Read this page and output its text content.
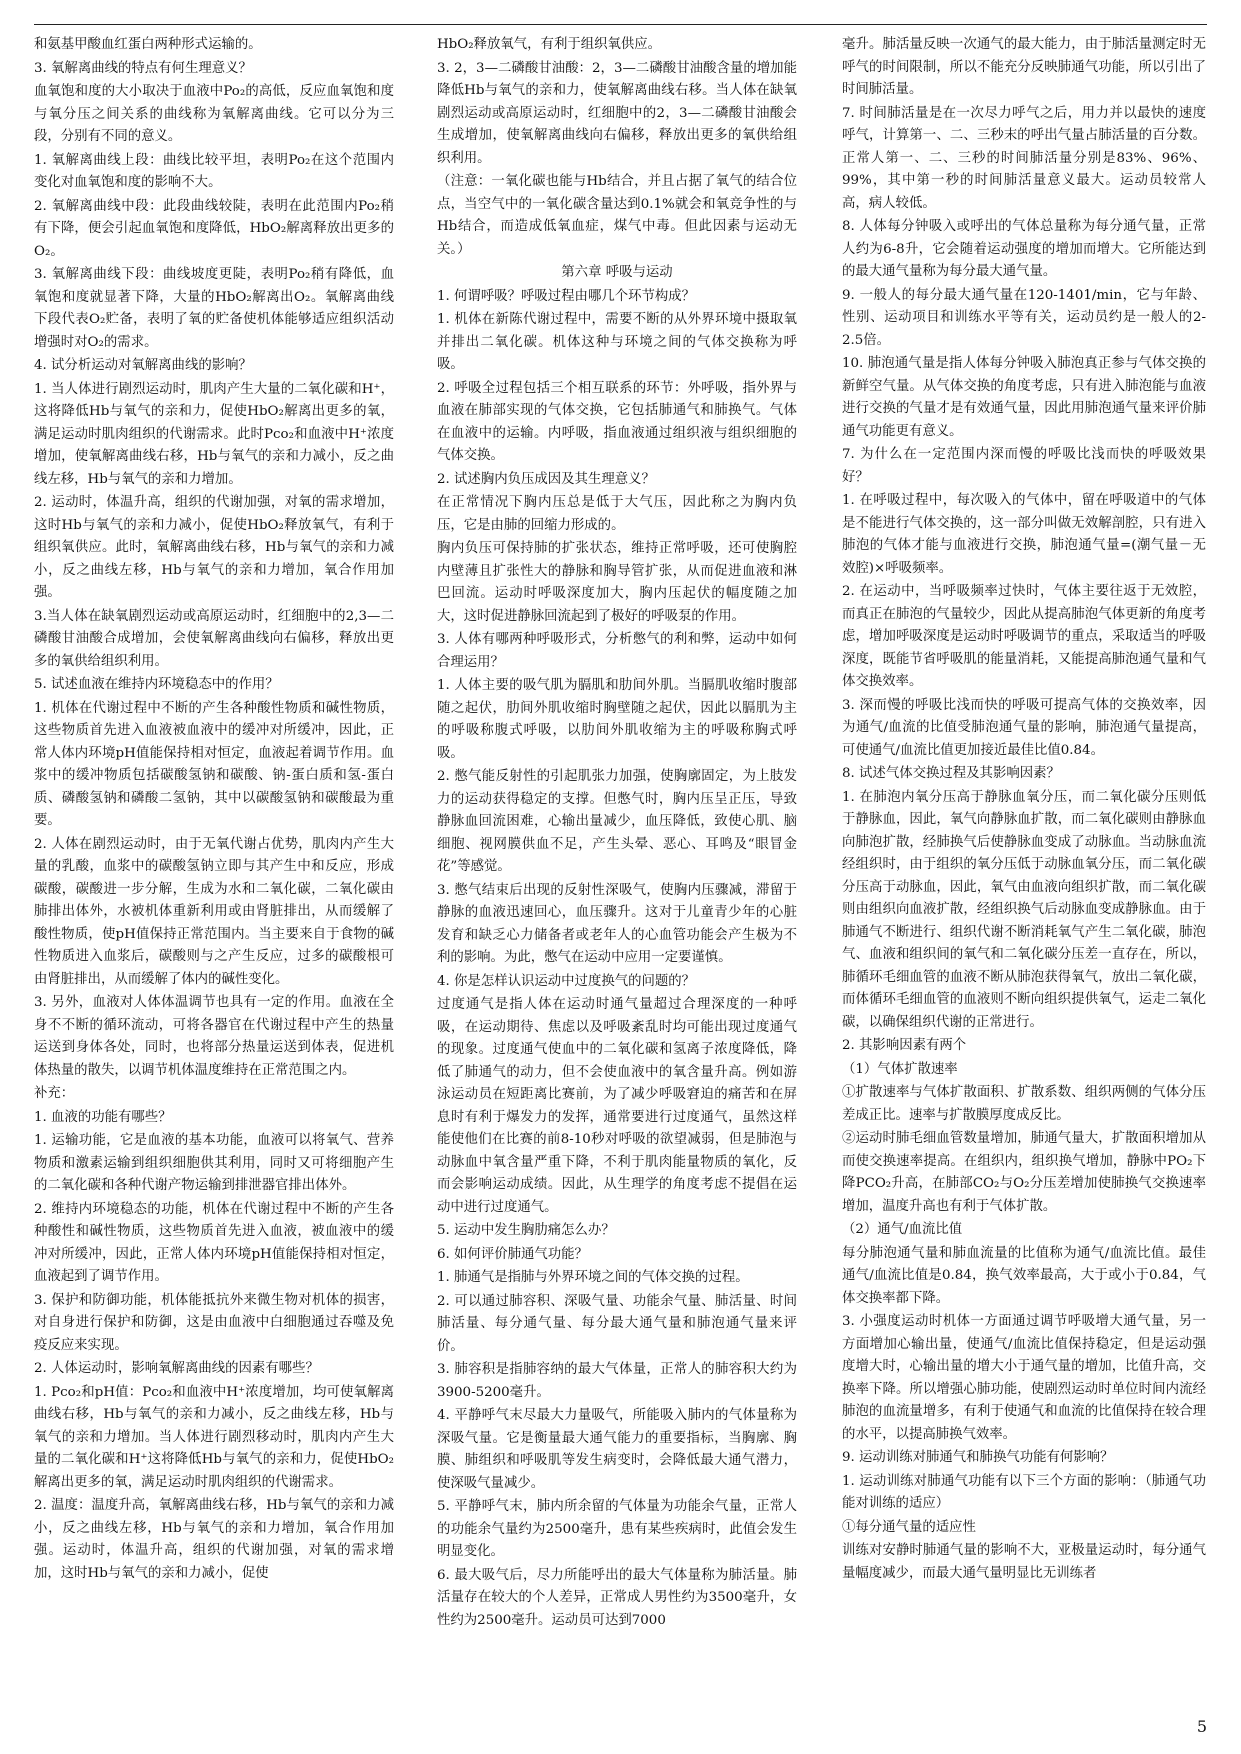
和氨基甲酸血红蛋白两种形式运输的。

3. 氧解离曲线的特点有何生理意义？

血氧饱和度的大小取决于血液中Po₂的高低，反应血氧饱和度与氧分压之间关系的曲线称为氧解离曲线。它可以分为三段，分别有不同的意义。

1. 氧解离曲线上段：曲线比较平坦，表明Po₂在这个范围内变化对血氧饱和度的影响不大。

2. 氧解离曲线中段：此段曲线较陡，表明在此范围内Po₂稍有下降，便会引起血氧饱和度降低，HbO₂解离释放出更多的O₂。

3. 氧解离曲线下段：曲线坡度更陡，表明Po₂稍有降低，血氧饱和度就显著下降，大量的HbO₂解离出O₂。氧解离曲线下段代表O₂贮备，表明了氧的贮备使机体能够适应组织活动增强时对O₂的需求。

4. 试分析运动对氧解离曲线的影响？

1. 当人体进行剧烈运动时，肌肉产生大量的二氧化碳和H⁺，这将降低Hb与氧气的亲和力，促使HbO₂解离出更多的氧，满足运动时肌肉组织的代谢需求。此时Pco₂和血液中H⁺浓度增加，使氧解离曲线右移，Hb与氧气的亲和力减小，反之曲线左移，Hb与氧气的亲和力增加。

2. 运动时，体温升高，组织的代谢加强，对氧的需求增加，这时Hb与氧气的亲和力减小，促使HbO₂释放氧气，有利于组织氧供应。此时，氧解离曲线右移，Hb与氧气的亲和力减小，反之曲线左移，Hb与氧气的亲和力增加，氧合作用加强。

3.当人体在缺氧剧烈运动或高原运动时，红细胞中的2,3—二磷酸甘油酸合成增加，会使氧解离曲线向右偏移，释放出更多的氧供给组织利用。

5. 试述血液在维持内环境稳态中的作用？

1. 机体在代谢过程中不断的产生各种酸性物质和碱性物质，这些物质首先进入血液被血液中的缓冲对所缓冲，因此，正常人体内环境pH值能保持相对恒定，血液起着调节作用。血浆中的缓冲物质包括碳酸氢钠和碳酸、钠-蛋白质和氢-蛋白质、磷酸氢钠和磷酸二氢钠，其中以碳酸氢钠和碳酸最为重要。

2. 人体在剧烈运动时，由于无氧代谢占优势，肌肉内产生大量的乳酸，血浆中的碳酸氢钠立即与其产生中和反应，形成碳酸，碳酸进一步分解，生成为水和二氧化碳，二氧化碳由肺排出体外，水被机体重新利用或由肾脏排出，从而缓解了酸性物质，使pH值保持正常范围内。当主要来自于食物的碱性物质进入血浆后，碳酸则与之产生反应，过多的碳酸根可由肾脏排出，从而缓解了体内的碱性变化。

3. 另外，血液对人体体温调节也具有一定的作用。血液在全身不不断的循环流动，可将各器官在代谢过程中产生的热量运送到身体各处，同时，也将部分热量运送到体表，促进机体热量的散失，以调节机体温度维持在正常范围之内。

补充：

1. 血液的功能有哪些？

1. 运输功能，它是血液的基本功能，血液可以将氧气、营养物质和激素运输到组织细胞供其利用，同时又可将细胞产生的二氧化碳和各种代谢产物运输到排泄器官排出体外。

2. 维持内环境稳态的功能，机体在代谢过程中不断的产生各种酸性和碱性物质，这些物质首先进入血液，被血液中的缓冲对所缓冲，因此，正常人体内环境pH值能保持相对恒定，血液起到了调节作用。

3. 保护和防御功能，机体能抵抗外来微生物对机体的损害，对自身进行保护和防御，这是由血液中白细胞通过吞噬及免疫反应来实现。

2. 人体运动时，影响氧解离曲线的因素有哪些？

1. Pco₂和pH值：Pco₂和血液中H⁺浓度增加，均可使氧解离曲线右移，Hb与氧气的亲和力减小，反之曲线左移，Hb与氧气的亲和力增加。当人体进行剧烈移动时，肌肉内产生大量的二氧化碳和H⁺这将降低Hb与氧气的亲和力，促使HbO₂解离出更多的氧，满足运动时肌肉组织的代谢需求。

2. 温度：温度升高，氧解离曲线右移，Hb与氧气的亲和力减小，反之曲线左移，Hb与氧气的亲和力增加，氧合作用加强。运动时，体温升高，组织的代谢加强，对氧的需求增加，这时Hb与氧气的亲和力减小，促使

HbO₂释放氧气，有利于组织氧供应。

3. 2，3—二磷酸甘油酸：2，3—二磷酸甘油酸含量的增加能降低Hb与氧气的亲和力，使氧解离曲线右移。当人体在缺氧剧烈运动或高原运动时，红细胞中的2，3—二磷酸甘油酸会生成增加，使氧解离曲线向右偏移，释放出更多的氧供给组织利用。

（注意：一氧化碳也能与Hb结合，并且占据了氧气的结合位点，当空气中的一氧化碳含量达到0.1%就会和氧竞争性的与Hb结合，而造成低氧血症，煤气中毒。但此因素与运动无关。）

第六章 呼吸与运动

1. 何谓呼吸？呼吸过程由哪几个环节构成？

1. 机体在新陈代谢过程中，需要不断的从外界环境中摄取氧并排出二氧化碳。机体这种与环境之间的气体交换称为呼吸。

2. 呼吸全过程包括三个相互联系的环节：外呼吸，指外界与血液在肺部实现的气体交换，它包括肺通气和肺换气。气体在血液中的运输。内呼吸，指血液通过组织液与组织细胞的气体交换。

2. 试述胸内负压成因及其生理意义？

在正常情况下胸内压总是低于大气压，因此称之为胸内负压，它是由肺的回缩力形成的。

胸内负压可保持肺的扩张状态，维持正常呼吸，还可使胸腔内壁薄且扩张性大的静脉和胸导管扩张，从而促进血液和淋巴回流。运动时呼吸深度加大，胸内压起伏的幅度随之加大，这时促进静脉回流起到了极好的呼吸泵的作用。

3. 人体有哪两种呼吸形式，分析憋气的利和弊，运动中如何合理运用？

1. 人体主要的吸气肌为膈肌和肋间外肌。当膈肌收缩时腹部随之起伏，肋间外肌收缩时胸壁随之起伏，因此以膈肌为主的呼吸称腹式呼吸，以肋间外肌收缩为主的呼吸称胸式呼吸。

2. 憋气能反射性的引起肌张力加强，使胸廓固定，为上肢发力的运动获得稳定的支撑。但憋气时，胸内压呈正压，导致静脉血回流困难，心输出量减少，血压降低，致使心肌、脑细胞、视网膜供血不足，产生头晕、恶心、耳鸣及“眼冒金花”等感觉。

3. 憋气结束后出现的反射性深吸气，使胸内压骤减，滞留于静脉的血液迅速回心，血压骤升。这对于儿童青少年的心脏发育和缺乏心力储备者或老年人的心血管功能会产生极为不利的影响。为此，憋气在运动中应用一定要谨慎。

4. 你是怎样认识运动中过度换气的问题的？

过度通气是指人体在运动时通气量超过合理深度的一种呼吸，在运动期待、焦虑以及呼吸紊乱时均可能出现过度通气的现象。过度通气使血中的二氧化碳和氢离子浓度降低，降低了肺通气的动力，但不会使血液中的氧含量升高。例如游泳运动员在短距离比赛前，为了减少呼吸窘迫的痛苦和在屏息时有利于爆发力的发挥，通常要进行过度通气，虽然这样能使他们在比赛的前8-10秒对呼吸的欲望减弱，但是肺泡与动脉血中氧含量严重下降，不利于肌肉能量物质的氧化，反而会影响运动成绩。因此，从生理学的角度考虑不提倡在运动中进行过度通气。

5. 运动中发生胸肋痛怎么办？

6. 如何评价肺通气功能？

1. 肺通气是指肺与外界环境之间的气体交换的过程。

2. 可以通过肺容积、深吸气量、功能余气量、肺活量、时间肺活量、每分通气量、每分最大通气量和肺泡通气量来评价。

3. 肺容积是指肺容纳的最大气体量，正常人的肺容积大约为3900-5200毫升。

4. 平静呼气末尽最大力量吸气，所能吸入肺内的气体量称为深吸气量。它是衡量最大通气能力的重要指标，当胸廓、胸膜、肺组织和呼吸肌等发生病变时，会降低最大通气潜力，使深吸气量减少。

5. 平静呼气末，肺内所余留的气体量为功能余气量，正常人的功能余气量约为2500毫升，患有某些疾病时，此值会发生明显变化。

6. 最大吸气后，尽力所能呼出的最大气体量称为肺活量。肺活量存在较大的个人差异，正常成人男性约为3500毫升，女性约为2500毫升。运动员可达到7000

毫升。肺活量反映一次通气的最大能力，由于肺活量测定时无呼气的时间限制，所以不能充分反映肺通气功能，所以引出了时间肺活量。

7. 时间肺活量是在一次尽力呼气之后，用力并以最快的速度呼气，计算第一、二、三秒末的呼出气量占肺活量的百分数。正常人第一、二、三秒的时间肺活量分别是83%、96%、99%，其中第一秒的时间肺活量意义最大。运动员较常人高，病人较低。

8. 人体每分钟吸入或呼出的气体总量称为每分通气量，正常人约为6-8升，它会随着运动强度的增加而增大。它所能达到的最大通气量称为每分最大通气量。

9. 一般人的每分最大通气量在120-1401/min，它与年龄、性别、运动项目和训练水平等有关，运动员约是一般人的2-2.5倍。

10. 肺泡通气量是指人体每分钟吸入肺泡真正参与气体交换的新鲜空气量。从气体交换的角度考虑，只有进入肺泡能与血液进行交换的气量才是有效通气量，因此用肺泡通气量来评价肺通气功能更有意义。

7. 为什么在一定范围内深而慢的呼吸比浅而快的呼吸效果好？

1. 在呼吸过程中，每次吸入的气体中，留在呼吸道中的气体是不能进行气体交换的，这一部分叫做无效解剖腔，只有进入肺泡的气体才能与血液进行交换，肺泡通气量=(潮气量－无效腔)×呼吸频率。

2. 在运动中，当呼吸频率过快时，气体主要往返于无效腔，而真正在肺泡的气量较少，因此从提高肺泡气体更新的角度考虑，增加呼吸深度是运动时呼吸调节的重点，采取适当的呼吸深度，既能节省呼吸肌的能量消耗，又能提高肺泡通气量和气体交换效率。

3. 深而慢的呼吸比浅而快的呼吸可提高气体的交换效率，因为通气/血流的比值受肺泡通气量的影响，肺泡通气量提高，可使通气/血流比值更加接近最佳比值0.84。

8. 试述气体交换过程及其影响因素？

1. 在肺泡内氧分压高于静脉血氧分压，而二氧化碳分压则低于静脉血，因此，氧气向静脉血扩散，而二氧化碳则由静脉血向肺泡扩散，经肺换气后使静脉血变成了动脉血。当动脉血流经组织时，由于组织的氧分压低于动脉血氧分压，而二氧化碳分压高于动脉血，因此，氧气由血液向组织扩散，而二氧化碳则由组织向血液扩散，经组织换气后动脉血变成静脉血。由于肺通气不断进行、组织代谢不断消耗氧气产生二氧化碳，肺泡气、血液和组织间的氧气和二氧化碳分压差一直存在，所以，肺循环毛细血管的血液不断从肺泡获得氧气，放出二氧化碳，而体循环毛细血管的血液则不断向组织提供氧气，运走二氧化碳，以确保组织代谢的正常进行。

2. 其影响因素有两个

（1）气体扩散速率

①扩散速率与气体扩散面积、扩散系数、组织两侧的气体分压差成正比。速率与扩散膜厚度成反比。

②运动时肺毛细血管数量增加，肺通气量大，扩散面积增加从而使交换速率提高。在组织内，组织换气增加，静脉中PO₂下降PCO₂升高，在肺部CO₂与O₂分压差增加使肺换气交换速率增加，温度升高也有利于气体扩散。

（2）通气/血流比值

每分肺泡通气量和肺血流量的比值称为通气/血流比值。最佳通气/血流比值是0.84，换气效率最高，大于或小于0.84，气体交换率都下降。

3. 小强度运动时机体一方面通过调节呼吸增大通气量，另一方面增加心输出量，使通气/血流比值保持稳定，但是运动强度增大时，心输出量的增大小于通气量的增加，比值升高，交换率下降。所以增强心肺功能，使剧烈运动时单位时间内流经肺泡的血流量增多，有利于使通气和血流的比值保持在较合理的水平，以提高肺换气效率。

9. 运动训练对肺通气和肺换气功能有何影响？

1. 运动训练对肺通气功能有以下三个方面的影响：（肺通气功能对训练的适应）

①每分通气量的适应性

训练对安静时肺通气量的影响不大，亚极量运动时，每分通气量幅度减少，而最大通气量明显比无训练者

5
